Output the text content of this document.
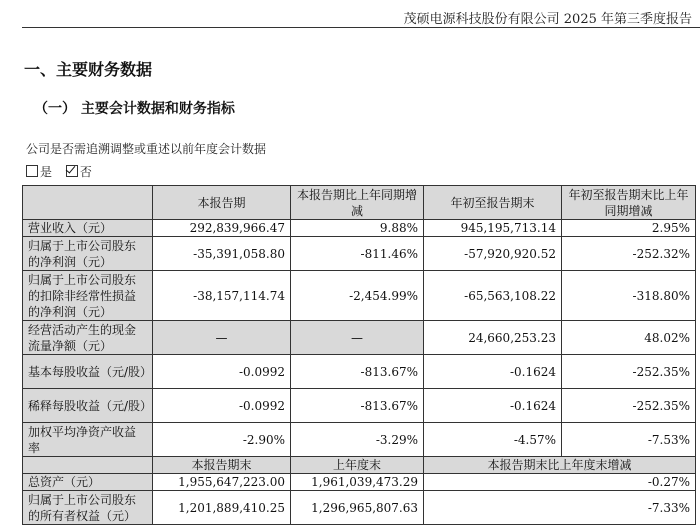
茂硕电源科技股份有限公司 2025 年第三季度报告
一、主要财务数据
（一） 主要会计数据和财务指标
公司是否需追溯调整或重述以前年度会计数据
是 否
	本报告期	本报告期比上年同期增减	年初至报告期末	年初至报告期末比上年同期增减
营业收入（元）	292,839,966.47	9.88%	945,195,713.14	2.95%
归属于上市公司股东的净利润（元）	-35,391,058.80	-811.46%	-57,920,920.52	-252.32%
归属于上市公司股东的扣除非经常性损益的净利润（元）	-38,157,114.74	-2,454.99%	-65,563,108.22	-318.80%
经营活动产生的现金流量净额（元）	—	—	24,660,253.23	48.02%
基本每股收益（元/股）	-0.0992	-813.67%	-0.1624	-252.35%
稀释每股收益（元/股）	-0.0992	-813.67%	-0.1624	-252.35%
加权平均净资产收益率	-2.90%	-3.29%	-4.57%	-7.53%
	本报告期末	上年度末	本报告期末比上年度末增减	
总资产（元）	1,955,647,223.00	1,961,039,473.29	-0.27%	
归属于上市公司股东的所有者权益（元）	1,201,889,410.25	1,296,965,807.63	-7.33%	
